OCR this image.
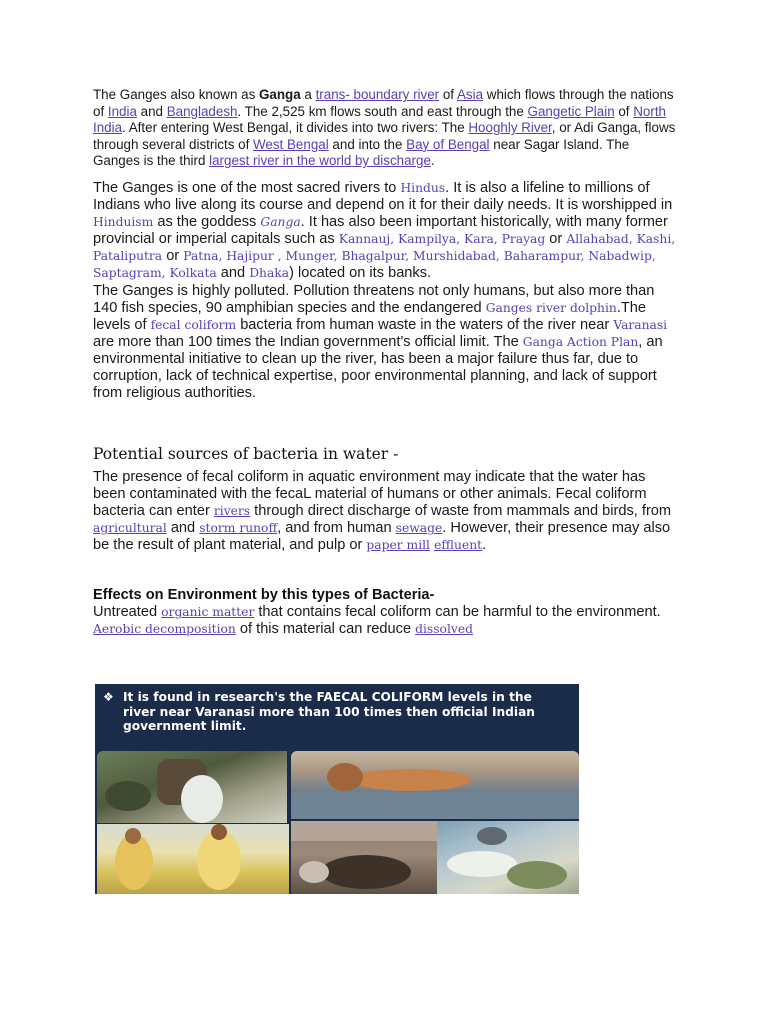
The Ganges also known as Ganga a trans- boundary river of Asia which flows through the nations of India and Bangladesh. The 2,525 km flows south and east through the Gangetic Plain of North India. After entering West Bengal, it divides into two rivers: The Hooghly River, or Adi Ganga, flows through several districts of West Bengal and into the Bay of Bengal near Sagar Island. The Ganges is the third largest river in the world by discharge.
The Ganges is one of the most sacred rivers to Hindus. It is also a lifeline to millions of Indians who live along its course and depend on it for their daily needs. It is worshipped in Hinduism as the goddess Ganga. It has also been important historically, with many former provincial or imperial capitals such as Kannauj, Kampilya, Kara, Prayag or Allahabad, Kashi, Pataliputra or Patna, Hajipur , Munger, Bhagalpur, Murshidabad, Baharampur, Nabadwip, Saptagram, Kolkata and Dhaka) located on its banks.
The Ganges is highly polluted. Pollution threatens not only humans, but also more than 140 fish species, 90 amphibian species and the endangered Ganges river dolphin.The levels of fecal coliform bacteria from human waste in the waters of the river near Varanasi are more than 100 times the Indian government's official limit. The Ganga Action Plan, an environmental initiative to clean up the river, has been a major failure thus far, due to corruption, lack of technical expertise, poor environmental planning, and lack of support from religious authorities.
Potential sources of bacteria in water -
The presence of fecal coliform in aquatic environment may indicate that the water has been contaminated with the fecaL material of humans or other animals. Fecal coliform bacteria can enter rivers through direct discharge of waste from mammals and birds, from agricultural and storm runoff, and from human sewage. However, their presence may also be the result of plant material, and pulp or paper mill effluent.
Effects on Environment by this types of Bacteria-
Untreated organic matter that contains fecal coliform can be harmful to the environment. Aerobic decomposition of this material can reduce dissolved
❖ It is found in research's the FAECAL COLIFORM levels in the river near Varanasi more than 100 times then official Indian government limit.
